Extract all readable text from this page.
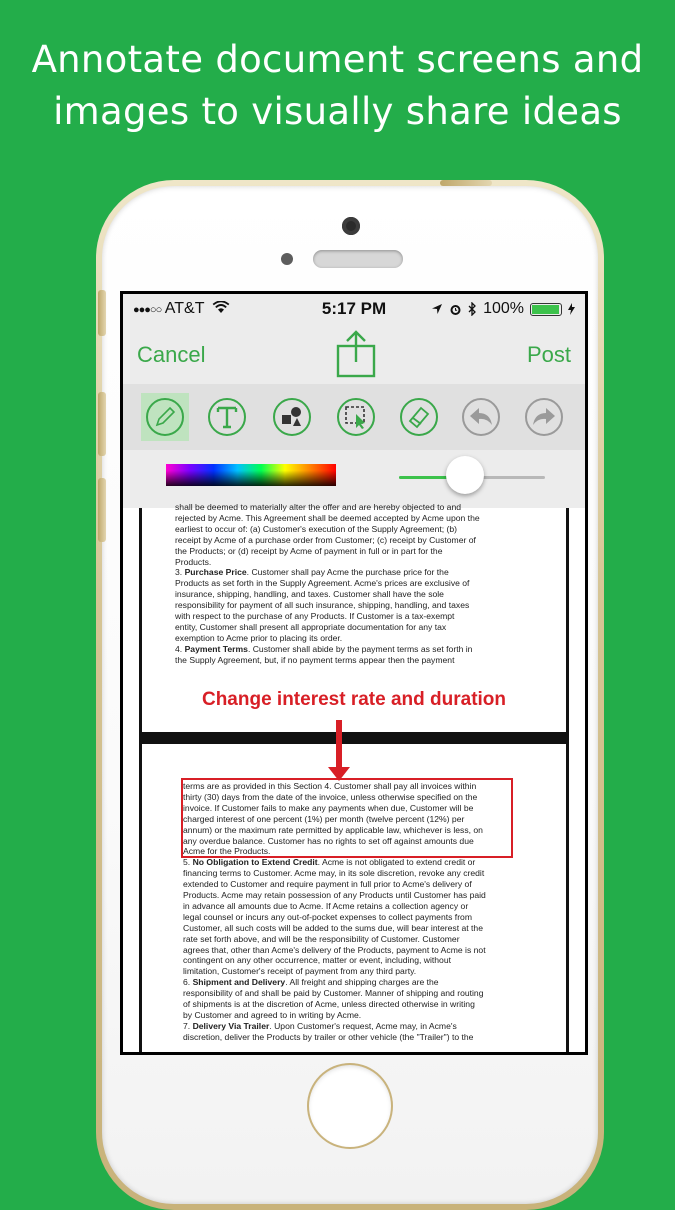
Annotate document screens and
images to visually share ideas
●●●○○ AT&T	5:17 PM	100%
Cancel	Post
shall be deemed to materially alter the offer and are hereby objected to and
rejected by Acme. This Agreement shall be deemed accepted by Acme upon the
earliest to occur of: (a) Customer's execution of the Supply Agreement; (b)
receipt by Acme of a purchase order from Customer; (c) receipt by Customer of
the Products; or (d) receipt by Acme of payment in full or in part for the
Products.
3. Purchase Price. Customer shall pay Acme the purchase price for the
Products as set forth in the Supply Agreement. Acme's prices are exclusive of
insurance, shipping, handling, and taxes. Customer shall have the sole
responsibility for payment of all such insurance, shipping, handling, and taxes
with respect to the purchase of any Products. If Customer is a tax-exempt
entity, Customer shall present all appropriate documentation for any tax
exemption to Acme prior to placing its order.
4. Payment Terms. Customer shall abide by the payment terms as set forth in
the Supply Agreement, but, if no payment terms appear then the payment
Change interest rate and duration
terms are as provided in this Section 4. Customer shall pay all invoices within
thirty (30) days from the date of the invoice, unless otherwise specified on the
invoice. If Customer fails to make any payments when due, Customer will be
charged interest of one percent (1%) per month (twelve percent (12%) per
annum) or the maximum rate permitted by applicable law, whichever is less, on
any overdue balance. Customer has no rights to set off against amounts due
Acme for the Products.
5. No Obligation to Extend Credit. Acme is not obligated to extend credit or
financing terms to Customer. Acme may, in its sole discretion, revoke any credit
extended to Customer and require payment in full prior to Acme's delivery of
Products. Acme may retain possession of any Products until Customer has paid
in advance all amounts due to Acme. If Acme retains a collection agency or
legal counsel or incurs any out-of-pocket expenses to collect payments from
Customer, all such costs will be added to the sums due, will bear interest at the
rate set forth above, and will be the responsibility of Customer. Customer
agrees that, other than Acme's delivery of the Products, payment to Acme is not
contingent on any other occurrence, matter or event, including, without
limitation, Customer's receipt of payment from any third party.
6. Shipment and Delivery. All freight and shipping charges are the
responsibility of and shall be paid by Customer. Manner of shipping and routing
of shipments is at the discretion of Acme, unless directed otherwise in writing
by Customer and agreed to in writing by Acme.
7. Delivery Via Trailer. Upon Customer's request, Acme may, in Acme's
discretion, deliver the Products by trailer or other vehicle (the "Trailer") to the
